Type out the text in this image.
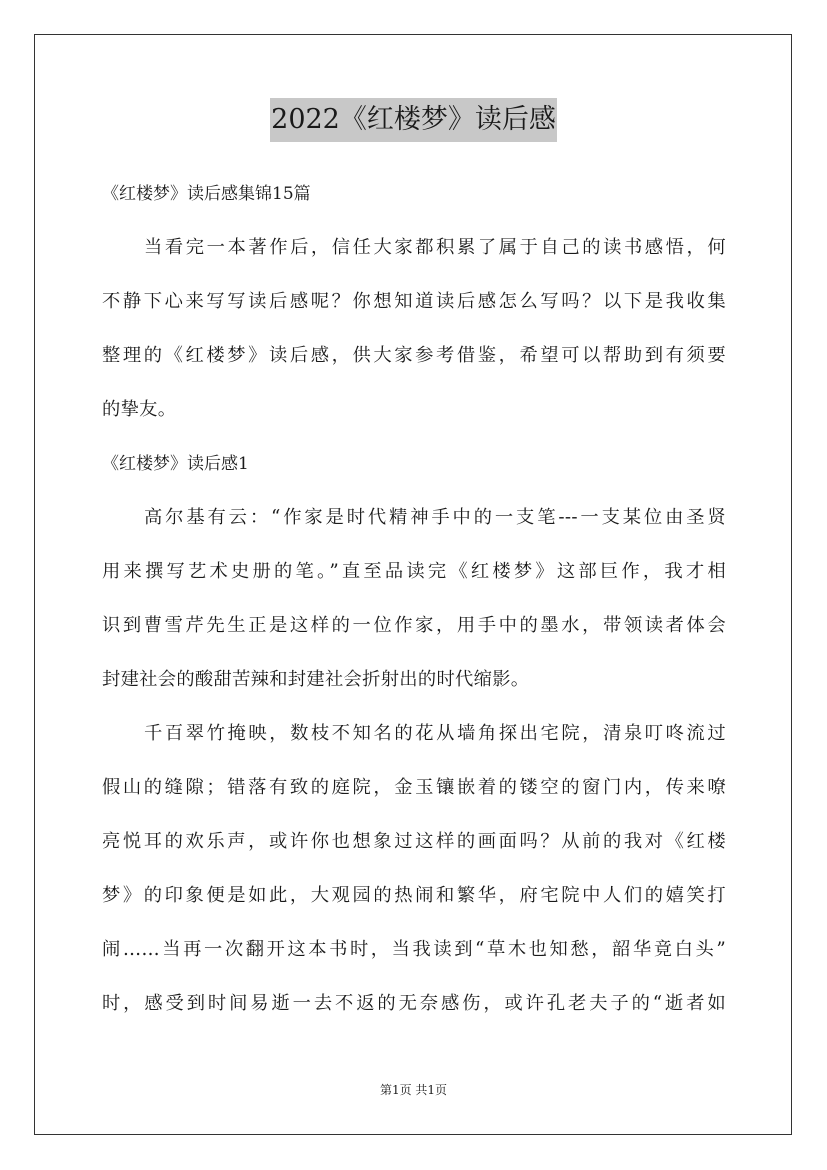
2022《红楼梦》读后感
《红楼梦》读后感集锦15篇
当看完一本著作后，信任大家都积累了属于自己的读书感悟，何
不静下心来写写读后感呢？你想知道读后感怎么写吗？以下是我收集
整理的《红楼梦》读后感，供大家参考借鉴，希望可以帮助到有须要
的挚友。
《红楼梦》读后感1
高尔基有云：“作家是时代精神手中的一支笔---一支某位由圣贤
用来撰写艺术史册的笔。”直至品读完《红楼梦》这部巨作，我才相
识到曹雪芹先生正是这样的一位作家，用手中的墨水，带领读者体会
封建社会的酸甜苦辣和封建社会折射出的时代缩影。
千百翠竹掩映，数枝不知名的花从墙角探出宅院，清泉叮咚流过
假山的缝隙；错落有致的庭院，金玉镶嵌着的镂空的窗门内，传来嘹
亮悦耳的欢乐声，或许你也想象过这样的画面吗？从前的我对《红楼
梦》的印象便是如此，大观园的热闹和繁华，府宅院中人们的嬉笑打
闹……当再一次翻开这本书时，当我读到“草木也知愁，韶华竟白头”
时，感受到时间易逝一去不返的无奈感伤，或许孔老夫子的“逝者如
第1页 共1页
